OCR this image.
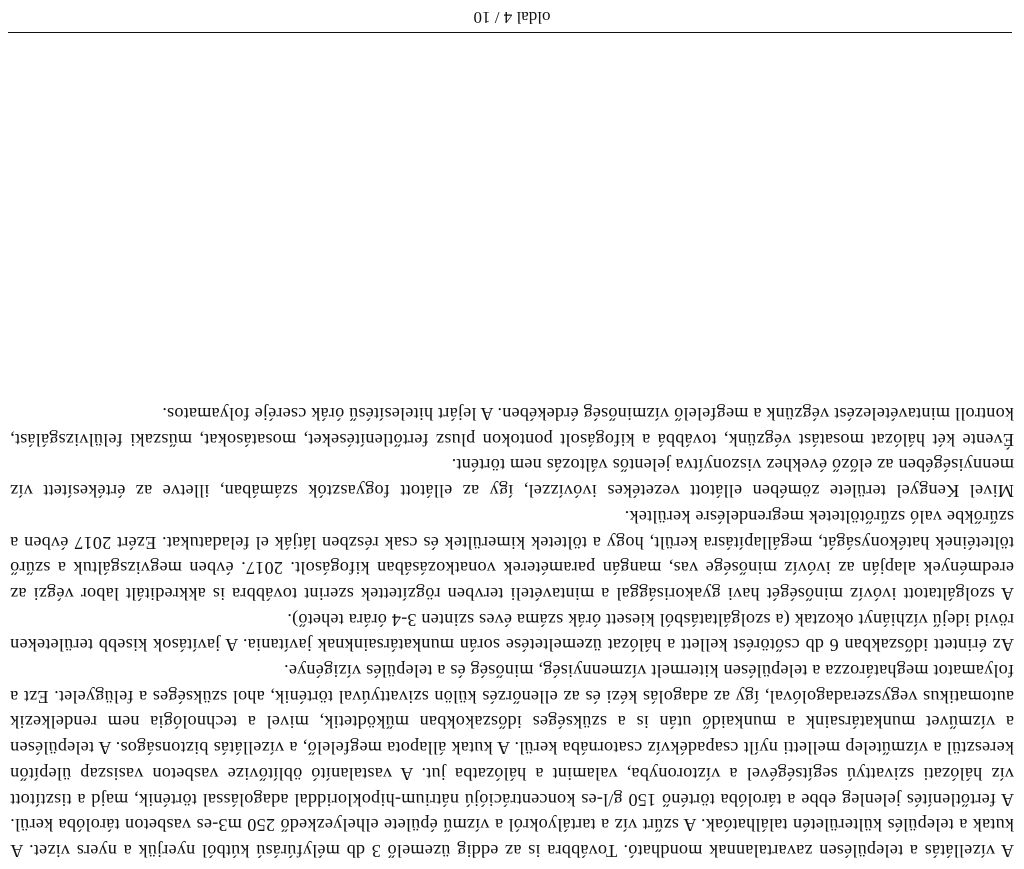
A vízellátás a településen zavartalannak mondható. Továbbra is az eddig üzemelő 3 db mélyfúrású kútból nyerjük a nyers vizet. A kutak a település külterületén találhatóak. A szűrt víz a tartályokról a vízmű épülete elhelyezkedő 250 m3-es vasbeton tárolóba kerül. A fertőtlenítés jelenleg ebbe a tárolóba történő 150 g/l-es koncentrációjú nátrium-hipokloriddal adagolással történik, majd a tisztított víz hálózati szivattyú segítségével a víztoronyba, valamint a hálózatba jut. A vastalanító öblítővize vasbeton vasiszap ülepítőn keresztül a vízműtelep melletti nyílt csapadékvíz csatornába kerül. A kutak állapota megfelelő, a vízellátás biztonságos. A településen a vízművet munkatársaink a munkaidő után is a szükséges időszakokban működtetik, mivel a technológia nem rendelkezik automatikus vegyszeradagolóval, így az adagolás kézi és az ellenőrzés külön szivattyúval történik, ahol szükséges a felügyelet. Ezt a folyamatot meghatározza a településen kitermelt vízmennyiség, minőség és a település vízigénye.

Az érintett időszakban 6 db csőtörést kellett a hálózat üzemeltetése során munkatársainknak javítania. A javítások kisebb területeken rövid idejű vízhiányt okoztak (a szolgáltatásból kiesett órák száma éves szinten 3-4 órára tehető).

A szolgáltatott ivóvíz minőségét havi gyakorisággal a mintavételi tervben rögzítettek szerint továbbra is akkreditált labor végzi az eredmények alapján az ivóvíz minősége vas, mangán paraméterek vonatkozásában kifogásolt. 2017. évben megvizsgáltuk a szűrő töltetéinek hatékonyságát, megállapításra került, hogy a töltetek kimerültek és csak részben látják el feladatukat. Ezért 2017 évben a szűrőkbe való szűrőtöltetek megrendelésre kerültek.

Mivel Kengyel területe zömében ellátott vezetékes ivóvízzel, így az ellátott fogyasztók számában, illetve az értékesített víz mennyiségében az előző évekhez viszonyítva jelentős változás nem történt.

Évente két hálózat mosatást végzünk, továbbá a kifogásolt pontokon plusz fertőtlenítéseket, mosatásokat, műszaki felülvizsgálást, kontroll mintavételezést végzünk a megfelelő vízminőség érdekében. A lejárt hitelesítésű órák cseréje folyamatos.

oldal 4 / 10
